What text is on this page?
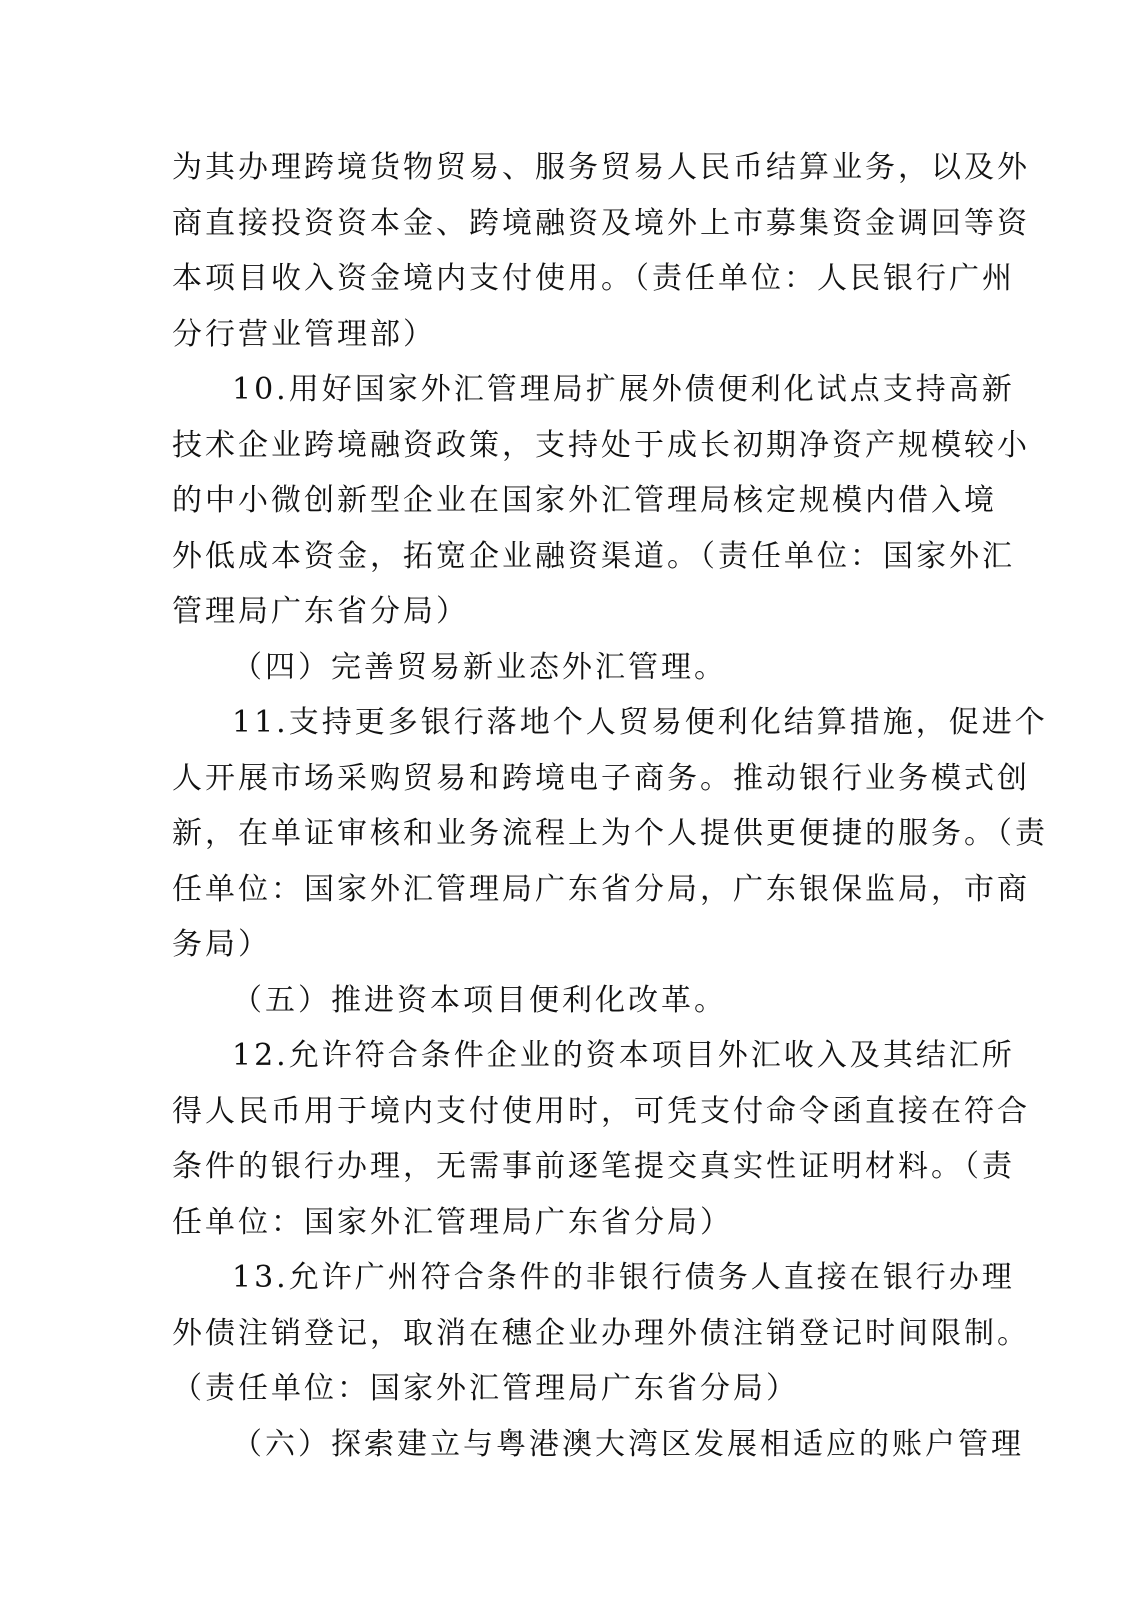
为其办理跨境货物贸易、服务贸易人民币结算业务，以及外
商直接投资资本金、跨境融资及境外上市募集资金调回等资
本项目收入资金境内支付使用。（责任单位：人民银行广州
分行营业管理部）
10.用好国家外汇管理局扩展外债便利化试点支持高新
技术企业跨境融资政策，支持处于成长初期净资产规模较小
的中小微创新型企业在国家外汇管理局核定规模内借入境
外低成本资金，拓宽企业融资渠道。（责任单位：国家外汇
管理局广东省分局）
（四）完善贸易新业态外汇管理。
11.支持更多银行落地个人贸易便利化结算措施，促进个
人开展市场采购贸易和跨境电子商务。推动银行业务模式创
新，在单证审核和业务流程上为个人提供更便捷的服务。（责
任单位：国家外汇管理局广东省分局，广东银保监局，市商
务局）
（五）推进资本项目便利化改革。
12.允许符合条件企业的资本项目外汇收入及其结汇所
得人民币用于境内支付使用时，可凭支付命令函直接在符合
条件的银行办理，无需事前逐笔提交真实性证明材料。（责
任单位：国家外汇管理局广东省分局）
13.允许广州符合条件的非银行债务人直接在银行办理
外债注销登记，取消在穗企业办理外债注销登记时间限制。
（责任单位：国家外汇管理局广东省分局）
（六）探索建立与粤港澳大湾区发展相适应的账户管理
